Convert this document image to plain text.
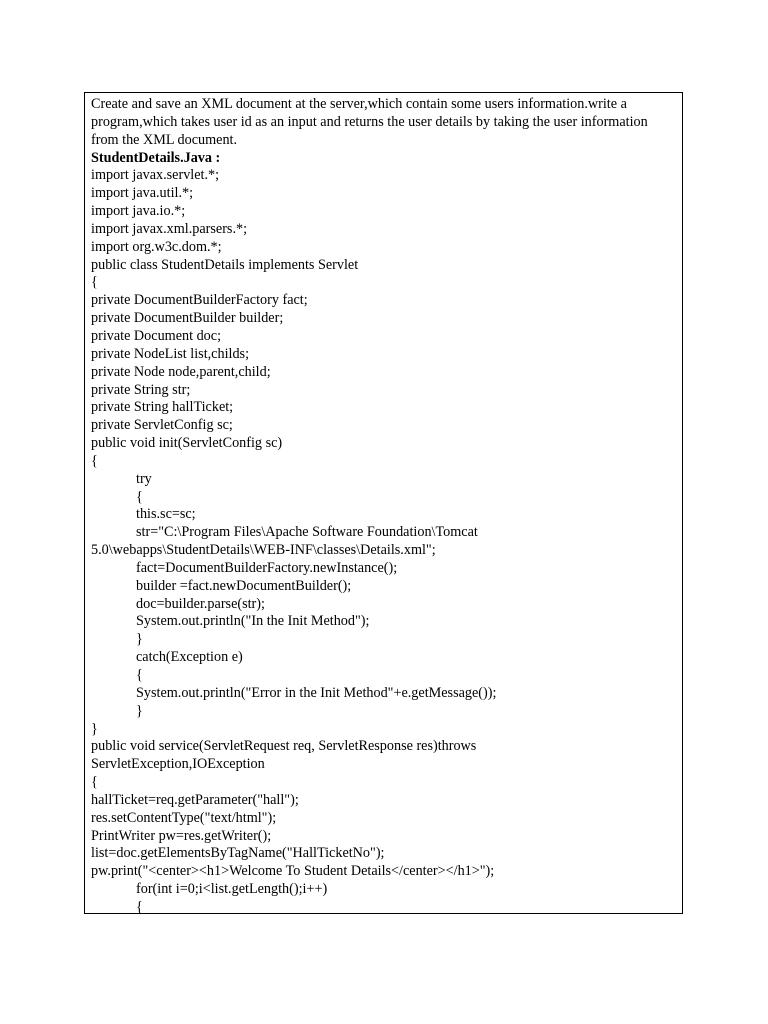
Create and save an XML document at the server,which contain some users information.write a program,which takes user id as an input and returns the user details by taking the user information from the XML document.
StudentDetails.Java :
import javax.servlet.*;
import java.util.*;
import java.io.*;
import javax.xml.parsers.*;
import org.w3c.dom.*;
public class StudentDetails implements Servlet
{
private DocumentBuilderFactory fact;
private DocumentBuilder builder;
private Document doc;
private NodeList list,childs;
private Node node,parent,child;
private String str;
private String hallTicket;
private ServletConfig sc;
public void init(ServletConfig sc)
{
try
{
this.sc=sc;
str="C:\Program Files\Apache Software Foundation\Tomcat
5.0\webapps\StudentDetails\WEB-INF\classes\Details.xml";
fact=DocumentBuilderFactory.newInstance();
builder =fact.newDocumentBuilder();
doc=builder.parse(str);
System.out.println("In the Init Method");
}
catch(Exception e)
{
System.out.println("Error in the Init Method"+e.getMessage());
}
}
public void service(ServletRequest req, ServletResponse res)throws
ServletException,IOException
{
hallTicket=req.getParameter("hall");
res.setContentType("text/html");
PrintWriter pw=res.getWriter();
list=doc.getElementsByTagName("HallTicketNo");
pw.print("<center><h1>Welcome To Student Details</center></h1>");
for(int i=0;i<list.getLength();i++)
{
